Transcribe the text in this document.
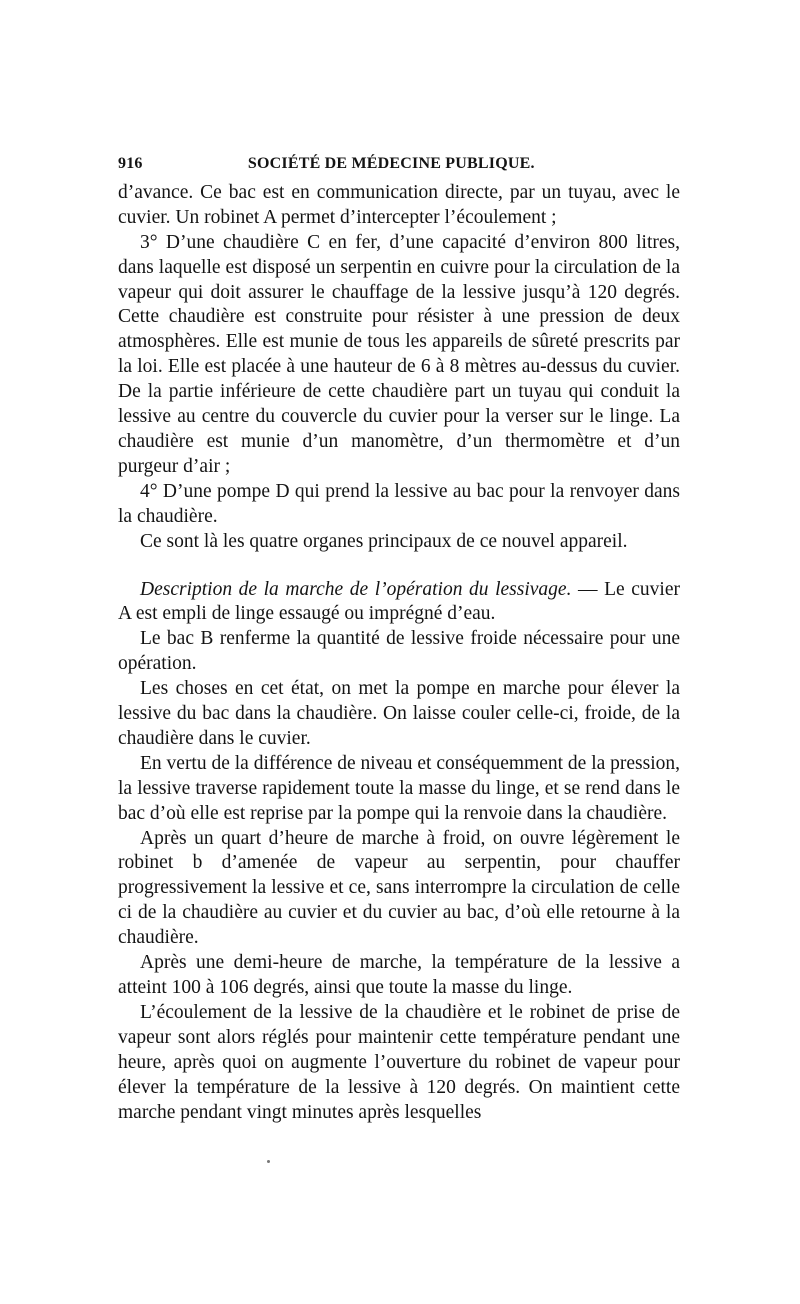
916	SOCIÉTÉ DE MÉDECINE PUBLIQUE.

d’avance. Ce bac est en communication directe, par un tuyau, avec le cuvier. Un robinet A permet d’intercepter l’écoulement ;

3° D’une chaudière C en fer, d’une capacité d’environ 800 litres, dans laquelle est disposé un serpentin en cuivre pour la circulation de la vapeur qui doit assurer le chauffage de la lessive jusqu’à 120 degrés. Cette chaudière est construite pour résister à une pression de deux atmosphères. Elle est munie de tous les appareils de sûreté prescrits par la loi. Elle est placée à une hauteur de 6 à 8 mètres au-dessus du cuvier. De la partie inférieure de cette chaudière part un tuyau qui conduit la lessive au centre du couvercle du cuvier pour la verser sur le linge. La chaudière est munie d’un manomètre, d’un thermomètre et d’un purgeur d’air ;

4° D’une pompe D qui prend la lessive au bac pour la renvoyer dans la chaudière.

Ce sont là les quatre organes principaux de ce nouvel appareil.

Description de la marche de l’opération du lessivage. — Le cuvier A est empli de linge essaugé ou imprégné d’eau.

Le bac B renferme la quantité de lessive froide nécessaire pour une opération.

Les choses en cet état, on met la pompe en marche pour élever la lessive du bac dans la chaudière. On laisse couler celle-ci, froide, de la chaudière dans le cuvier.

En vertu de la différence de niveau et conséquemment de la pression, la lessive traverse rapidement toute la masse du linge, et se rend dans le bac d’où elle est reprise par la pompe qui la renvoie dans la chaudière.

Après un quart d’heure de marche à froid, on ouvre légèrement le robinet b d’amenée de vapeur au serpentin, pour chauffer progressivement la lessive et ce, sans interrompre la circulation de celle ci de la chaudière au cuvier et du cuvier au bac, d’où elle retourne à la chaudière.

Après une demi-heure de marche, la température de la lessive a atteint 100 à 106 degrés, ainsi que toute la masse du linge.

L’écoulement de la lessive de la chaudière et le robinet de prise de vapeur sont alors réglés pour maintenir cette température pendant une heure, après quoi on augmente l’ouverture du robinet de vapeur pour élever la température de la lessive à 120 degrés. On maintient cette marche pendant vingt minutes après lesquelles
